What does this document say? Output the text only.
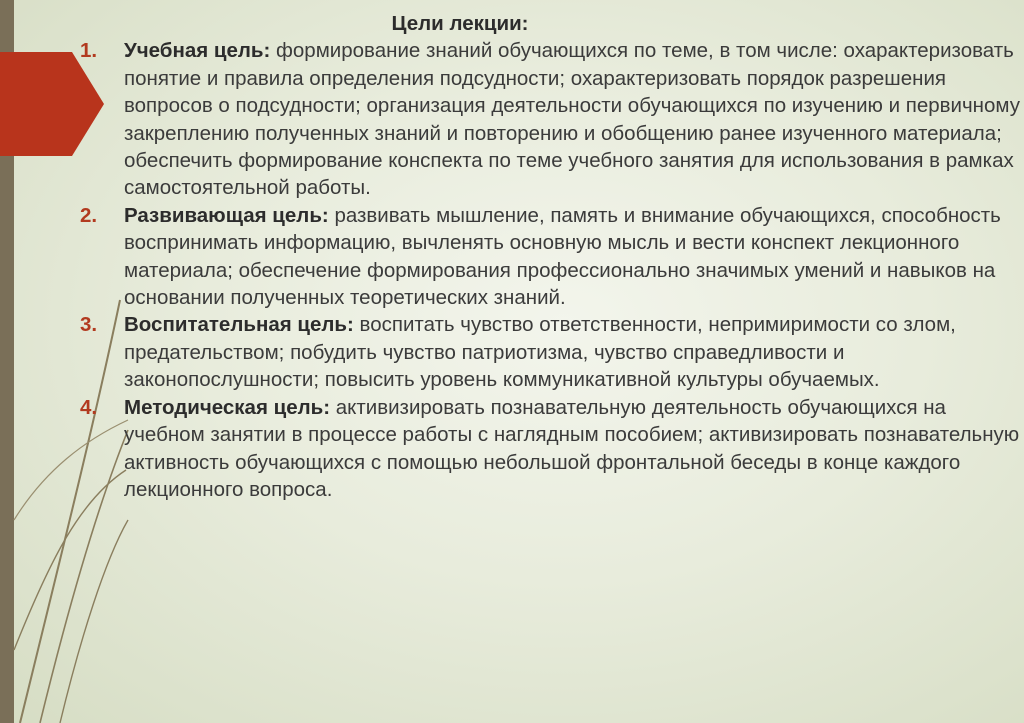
Цели лекции:
1. Учебная цель: формирование знаний обучающихся по теме, в том числе: охарактеризовать понятие и правила определения подсудности; охарактеризовать порядок разрешения вопросов о подсудности; организация деятельности обучающихся по изучению и первичному закреплению полученных знаний и повторению и обобщению ранее изученного материала; обеспечить формирование конспекта по теме учебного занятия для использования в рамках самостоятельной работы.
2. Развивающая цель: развивать мышление, память и внимание обучающихся, способность воспринимать информацию, вычленять основную мысль и вести конспект лекционного материала; обеспечение формирования профессионально значимых умений и навыков на основании полученных теоретических знаний.
3. Воспитательная цель: воспитать чувство ответственности, непримиримости со злом, предательством; побудить чувство патриотизма, чувство справедливости и законопослушности; повысить уровень коммуникативной культуры обучаемых.
4. Методическая цель: активизировать познавательную деятельность обучающихся на учебном занятии в процессе работы с наглядным пособием; активизировать познавательную активность обучающихся с помощью небольшой фронтальной беседы в конце каждого лекционного вопроса.
